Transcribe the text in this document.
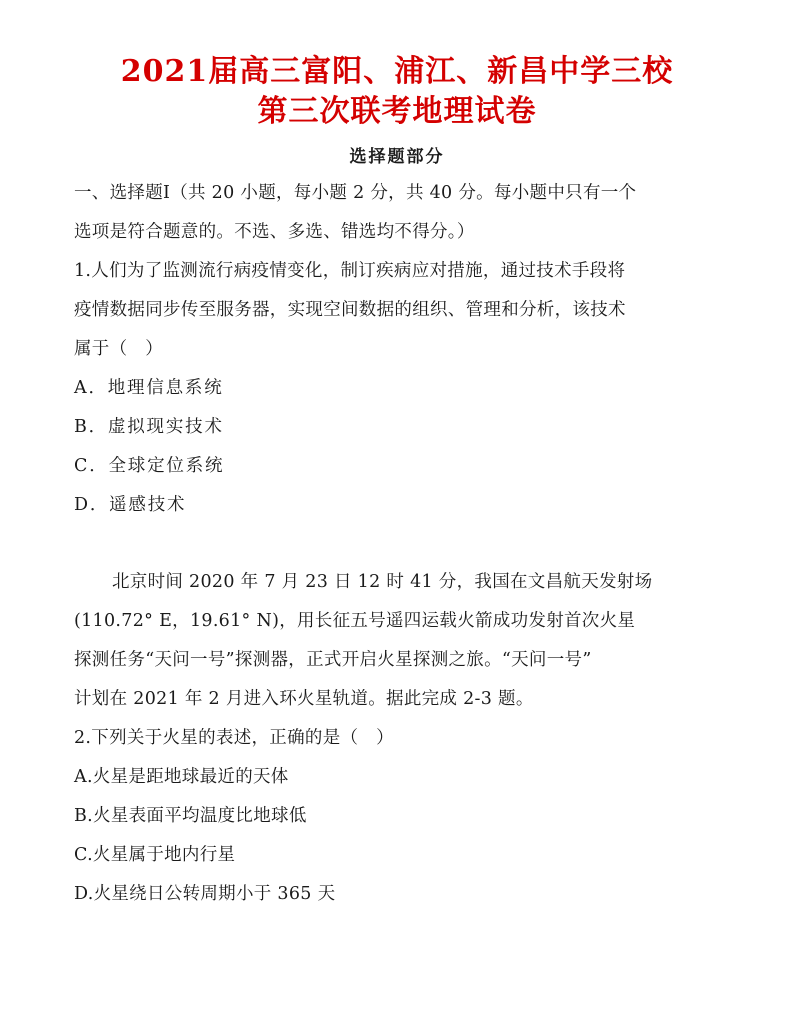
2021届高三富阳、浦江、新昌中学三校
第三次联考地理试卷
选择题部分
一、选择题Ⅰ（共 20 小题，每小题 2 分，共 40 分。每小题中只有一个
选项是符合题意的。不选、多选、错选均不得分。）
1.人们为了监测流行病疫情变化，制订疾病应对措施，通过技术手段将
疫情数据同步传至服务器，实现空间数据的组织、管理和分析，该技术
属于（　）
A．地理信息系统
B．虚拟现实技术
C．全球定位系统
D．遥感技术
北京时间 2020 年 7 月 23 日 12 时 41 分，我国在文昌航天发射场
(110.72° E，19.61° N)，用长征五号遥四运载火箭成功发射首次火星
探测任务“天问一号”探测器，正式开启火星探测之旅。“天问一号”
计划在 2021 年 2 月进入环火星轨道。据此完成 2-3 题。
2.下列关于火星的表述，正确的是（　）
A.火星是距地球最近的天体
B.火星表面平均温度比地球低
C.火星属于地内行星
D.火星绕日公转周期小于 365 天
